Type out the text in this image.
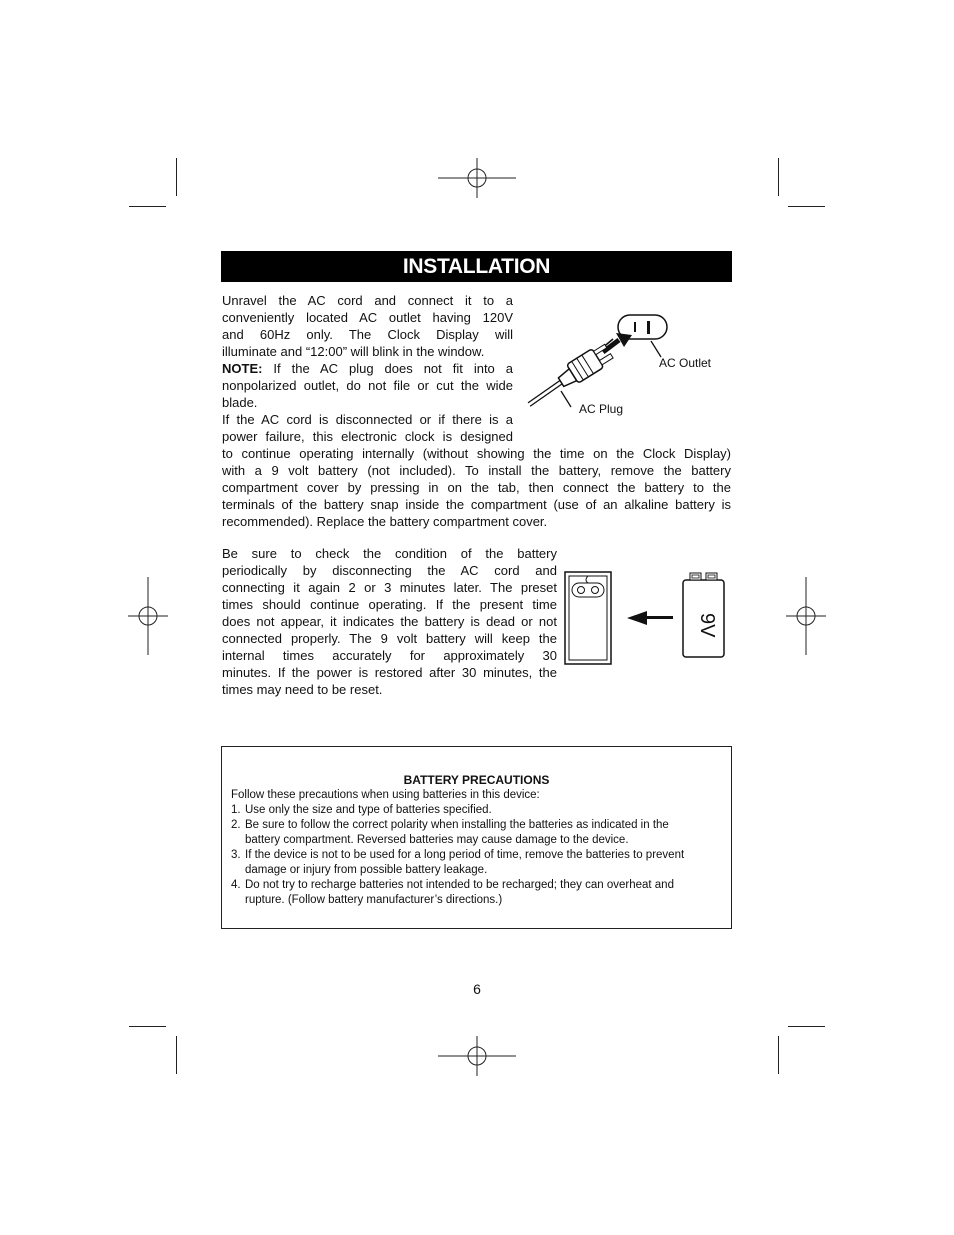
INSTALLATION
Unravel the AC cord and connect it to a
conveniently located AC outlet having 120V
and 60Hz only. The Clock Display will
illuminate and “12:00” will blink in the window.
NOTE: If the AC plug does not fit into a
nonpolarized outlet, do not file or cut the wide
blade.
If the AC cord is disconnected or if there is a
power failure, this electronic clock is designed
to continue operating internally (without showing the time on the Clock Display)
with a 9 volt battery (not included). To install the battery, remove the battery
compartment cover by pressing in on the tab, then connect the battery to the
terminals of the battery snap inside the compartment (use of an alkaline battery is
recommended). Replace the battery compartment cover.
AC Outlet
AC Plug
Be sure to check the condition of the battery
periodically by disconnecting the AC cord and
connecting it again 2 or 3 minutes later. The preset
times should continue operating. If the present time
does not appear, it indicates the battery is dead or not
connected properly. The 9 volt battery will keep the
internal times accurately for approximately 30
minutes. If the power is restored after 30 minutes, the
times may need to be reset.
9V
BATTERY PRECAUTIONS
Follow these precautions when using batteries in this device:
1. Use only the size and type of batteries specified.
2. Be sure to follow the correct polarity when installing the batteries as indicated in the
battery compartment. Reversed batteries may cause damage to the device.
3. If the device is not to be used for a long period of time, remove the batteries to prevent
damage or injury from possible battery leakage.
4. Do not try to recharge batteries not intended to be recharged; they can overheat and
rupture. (Follow battery manufacturer’s directions.)
6
